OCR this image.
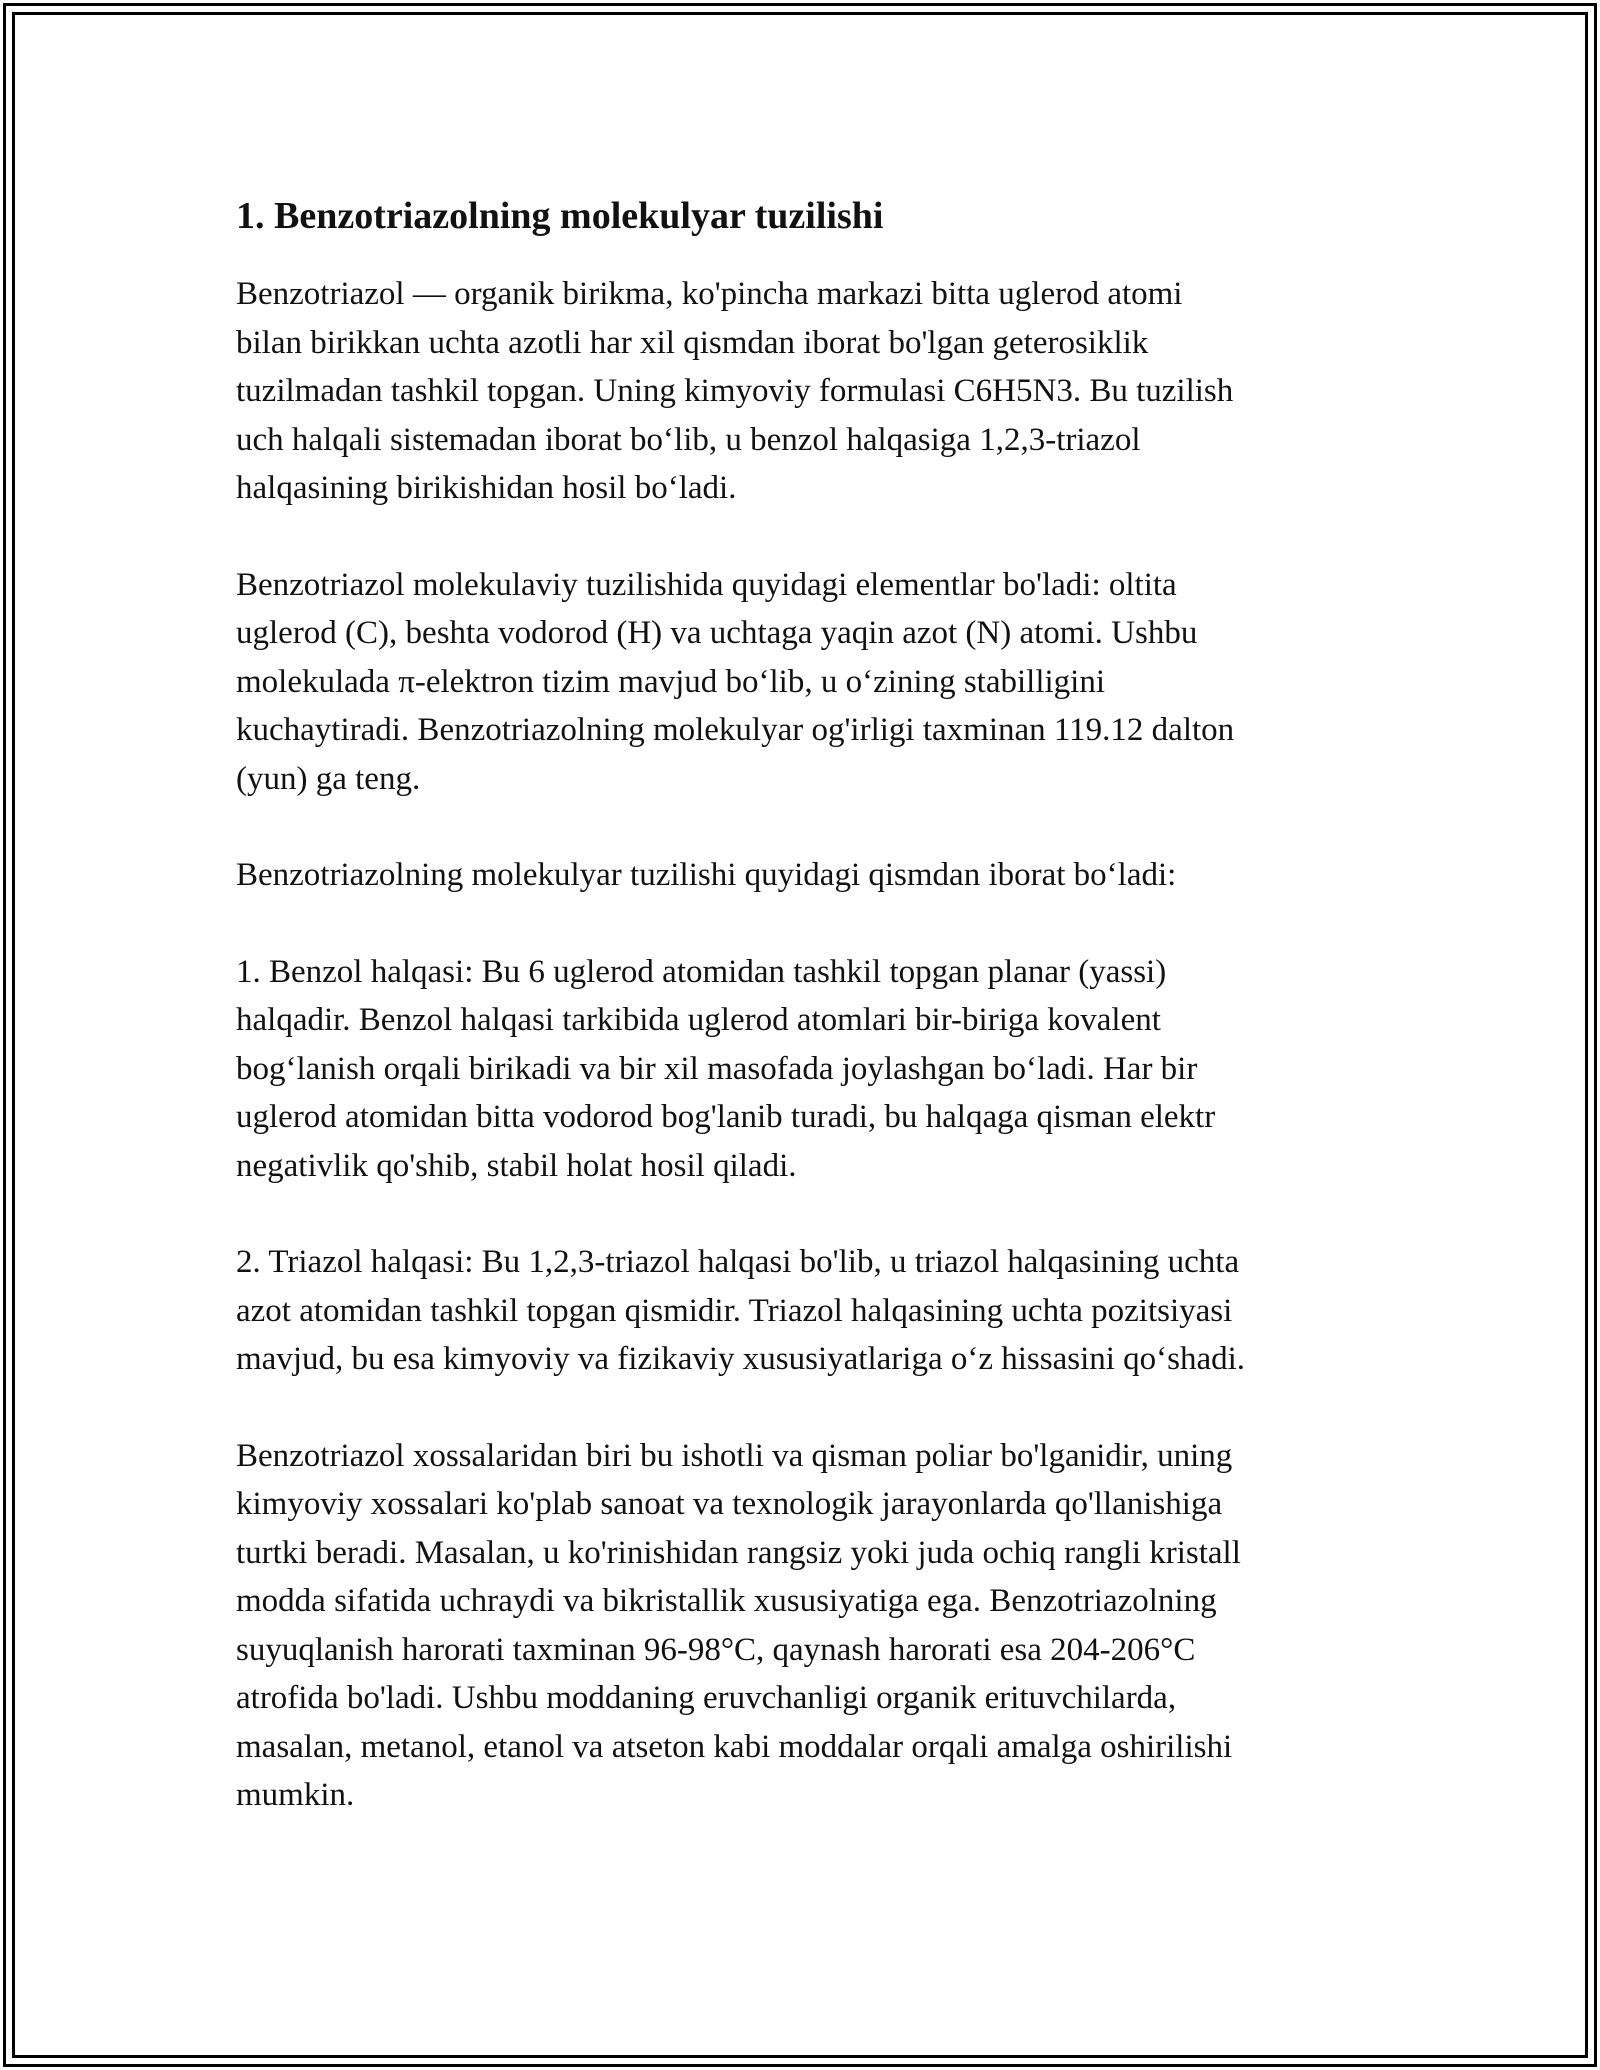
1. Benzotriazolning molekulyar tuzilishi

Benzotriazol — organik birikma, ko'pincha markazi bitta uglerod atomi
bilan birikkan uchta azotli har xil qismdan iborat bo'lgan geterosiklik
tuzilmadan tashkil topgan. Uning kimyoviy formulasi C6H5N3. Bu tuzilish
uch halqali sistemadan iborat bo‘lib, u benzol halqasiga 1,2,3-triazol
halqasining birikishidan hosil bo‘ladi.

Benzotriazol molekulaviy tuzilishida quyidagi elementlar bo'ladi: oltita
uglerod (C), beshta vodorod (H) va uchtaga yaqin azot (N) atomi. Ushbu
molekulada π-elektron tizim mavjud bo‘lib, u o‘zining stabilligini
kuchaytiradi. Benzotriazolning molekulyar og'irligi taxminan 119.12 dalton
(yun) ga teng.

Benzotriazolning molekulyar tuzilishi quyidagi qismdan iborat bo‘ladi:

1. Benzol halqasi: Bu 6 uglerod atomidan tashkil topgan planar (yassi)
halqadir. Benzol halqasi tarkibida uglerod atomlari bir-biriga kovalent
bog‘lanish orqali birikadi va bir xil masofada joylashgan bo‘ladi. Har bir
uglerod atomidan bitta vodorod bog'lanib turadi, bu halqaga qisman elektr
negativlik qo'shib, stabil holat hosil qiladi.

2. Triazol halqasi: Bu 1,2,3-triazol halqasi bo'lib, u triazol halqasining uchta
azot atomidan tashkil topgan qismidir. Triazol halqasining uchta pozitsiyasi
mavjud, bu esa kimyoviy va fizikaviy xususiyatlariga o‘z hissasini qo‘shadi.

Benzotriazol xossalaridan biri bu ishotli va qisman poliar bo'lganidir, uning
kimyoviy xossalari ko'plab sanoat va texnologik jarayonlarda qo'llanishiga
turtki beradi. Masalan, u ko'rinishidan rangsiz yoki juda ochiq rangli kristall
modda sifatida uchraydi va bikristallik xususiyatiga ega. Benzotriazolning
suyuqlanish harorati taxminan 96-98°C, qaynash harorati esa 204-206°C
atrofida bo'ladi. Ushbu moddaning eruvchanligi organik erituvchilarda,
masalan, metanol, etanol va atseton kabi moddalar orqali amalga oshirilishi
mumkin.
